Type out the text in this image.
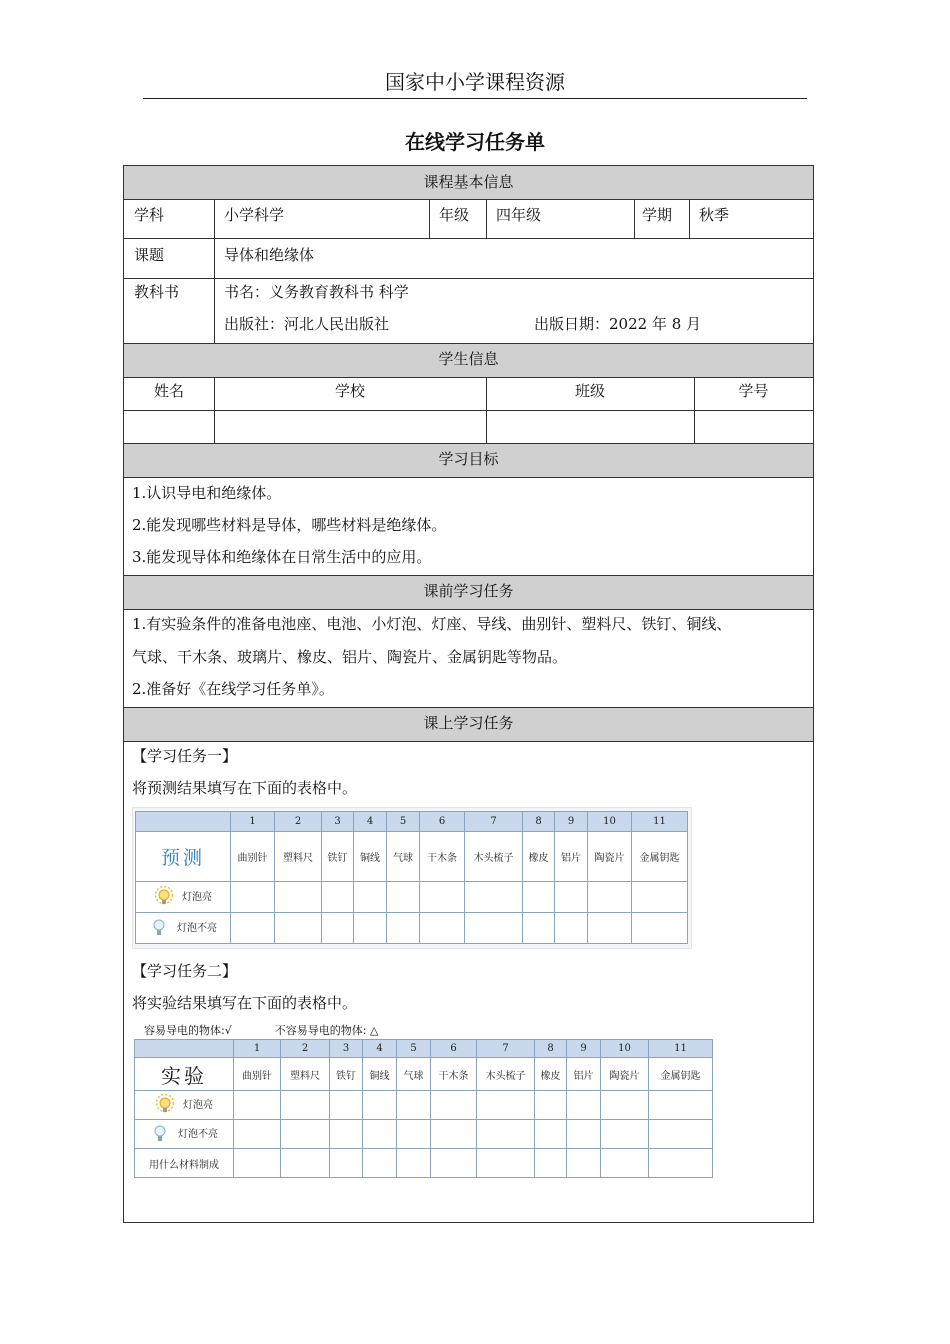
国家中小学课程资源
在线学习任务单
课程基本信息
学科	小学科学	年级 四年级	学期 秋季
课题	导体和绝缘体
教科书	书名：义务教育教科书 科学
出版社：河北人民出版社	出版日期：2022 年 8 月
学生信息
姓名	学校	班级	学号
学习目标
1.认识导电和绝缘体。
2.能发现哪些材料是导体，哪些材料是绝缘体。
3.能发现导体和绝缘体在日常生活中的应用。
课前学习任务
1.有实验条件的准备电池座、电池、小灯泡、灯座、导线、曲别针、塑料尺、铁钉、铜线、
气球、干木条、玻璃片、橡皮、铝片、陶瓷片、金属钥匙等物品。
2.准备好《在线学习任务单》。
课上学习任务
【学习任务一】
将预测结果填写在下面的表格中。
【学习任务二】
将实验结果填写在下面的表格中。
	1	2	3	4	5	6	7	8	9	10	11
预测	曲别针	塑料尺	铁钉	铜线	气球	干木条	木头梳子	橡皮	铝片	陶瓷片	金属钥匙

灯泡亮											

灯泡不亮											

容易导电的物体:√	不容易导电的物体: △
	1	2	3	4	5	6	7	8	9	10	11
实验	曲别针	塑料尺	铁钉	铜线	气球	干木条	木头梳子	橡皮	铝片	陶瓷片	金属钥匙

灯泡亮											

灯泡不亮											

用什么材料制成											
